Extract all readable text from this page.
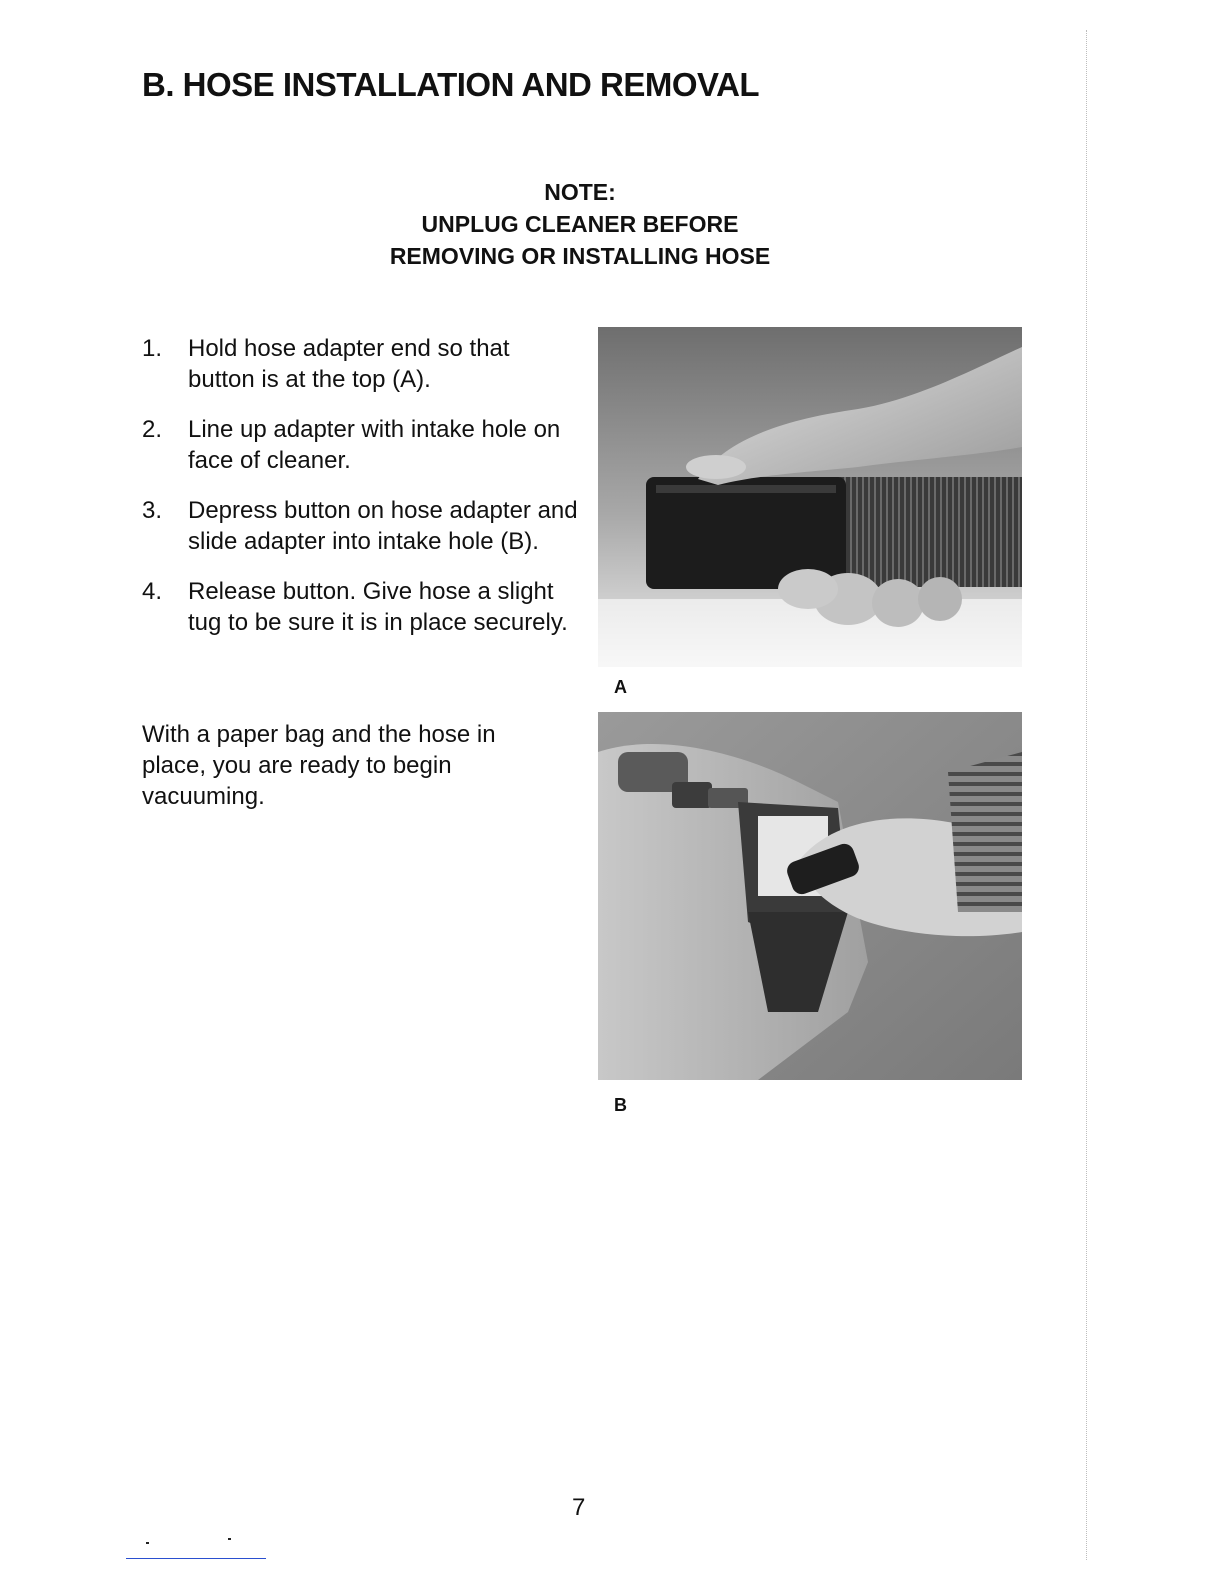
B. HOSE INSTALLATION AND REMOVAL
NOTE:
UNPLUG CLEANER BEFORE
REMOVING OR INSTALLING HOSE
1. Hold hose adapter end so that button is at the top (A).
2. Line up adapter with intake hole on face of cleaner.
3. Depress button on hose adapter and slide adapter into intake hole (B).
4. Release button. Give hose a slight tug to be sure it is in place securely.

With a paper bag and the hose in place, you are ready to begin vacuuming.

A
B
7
